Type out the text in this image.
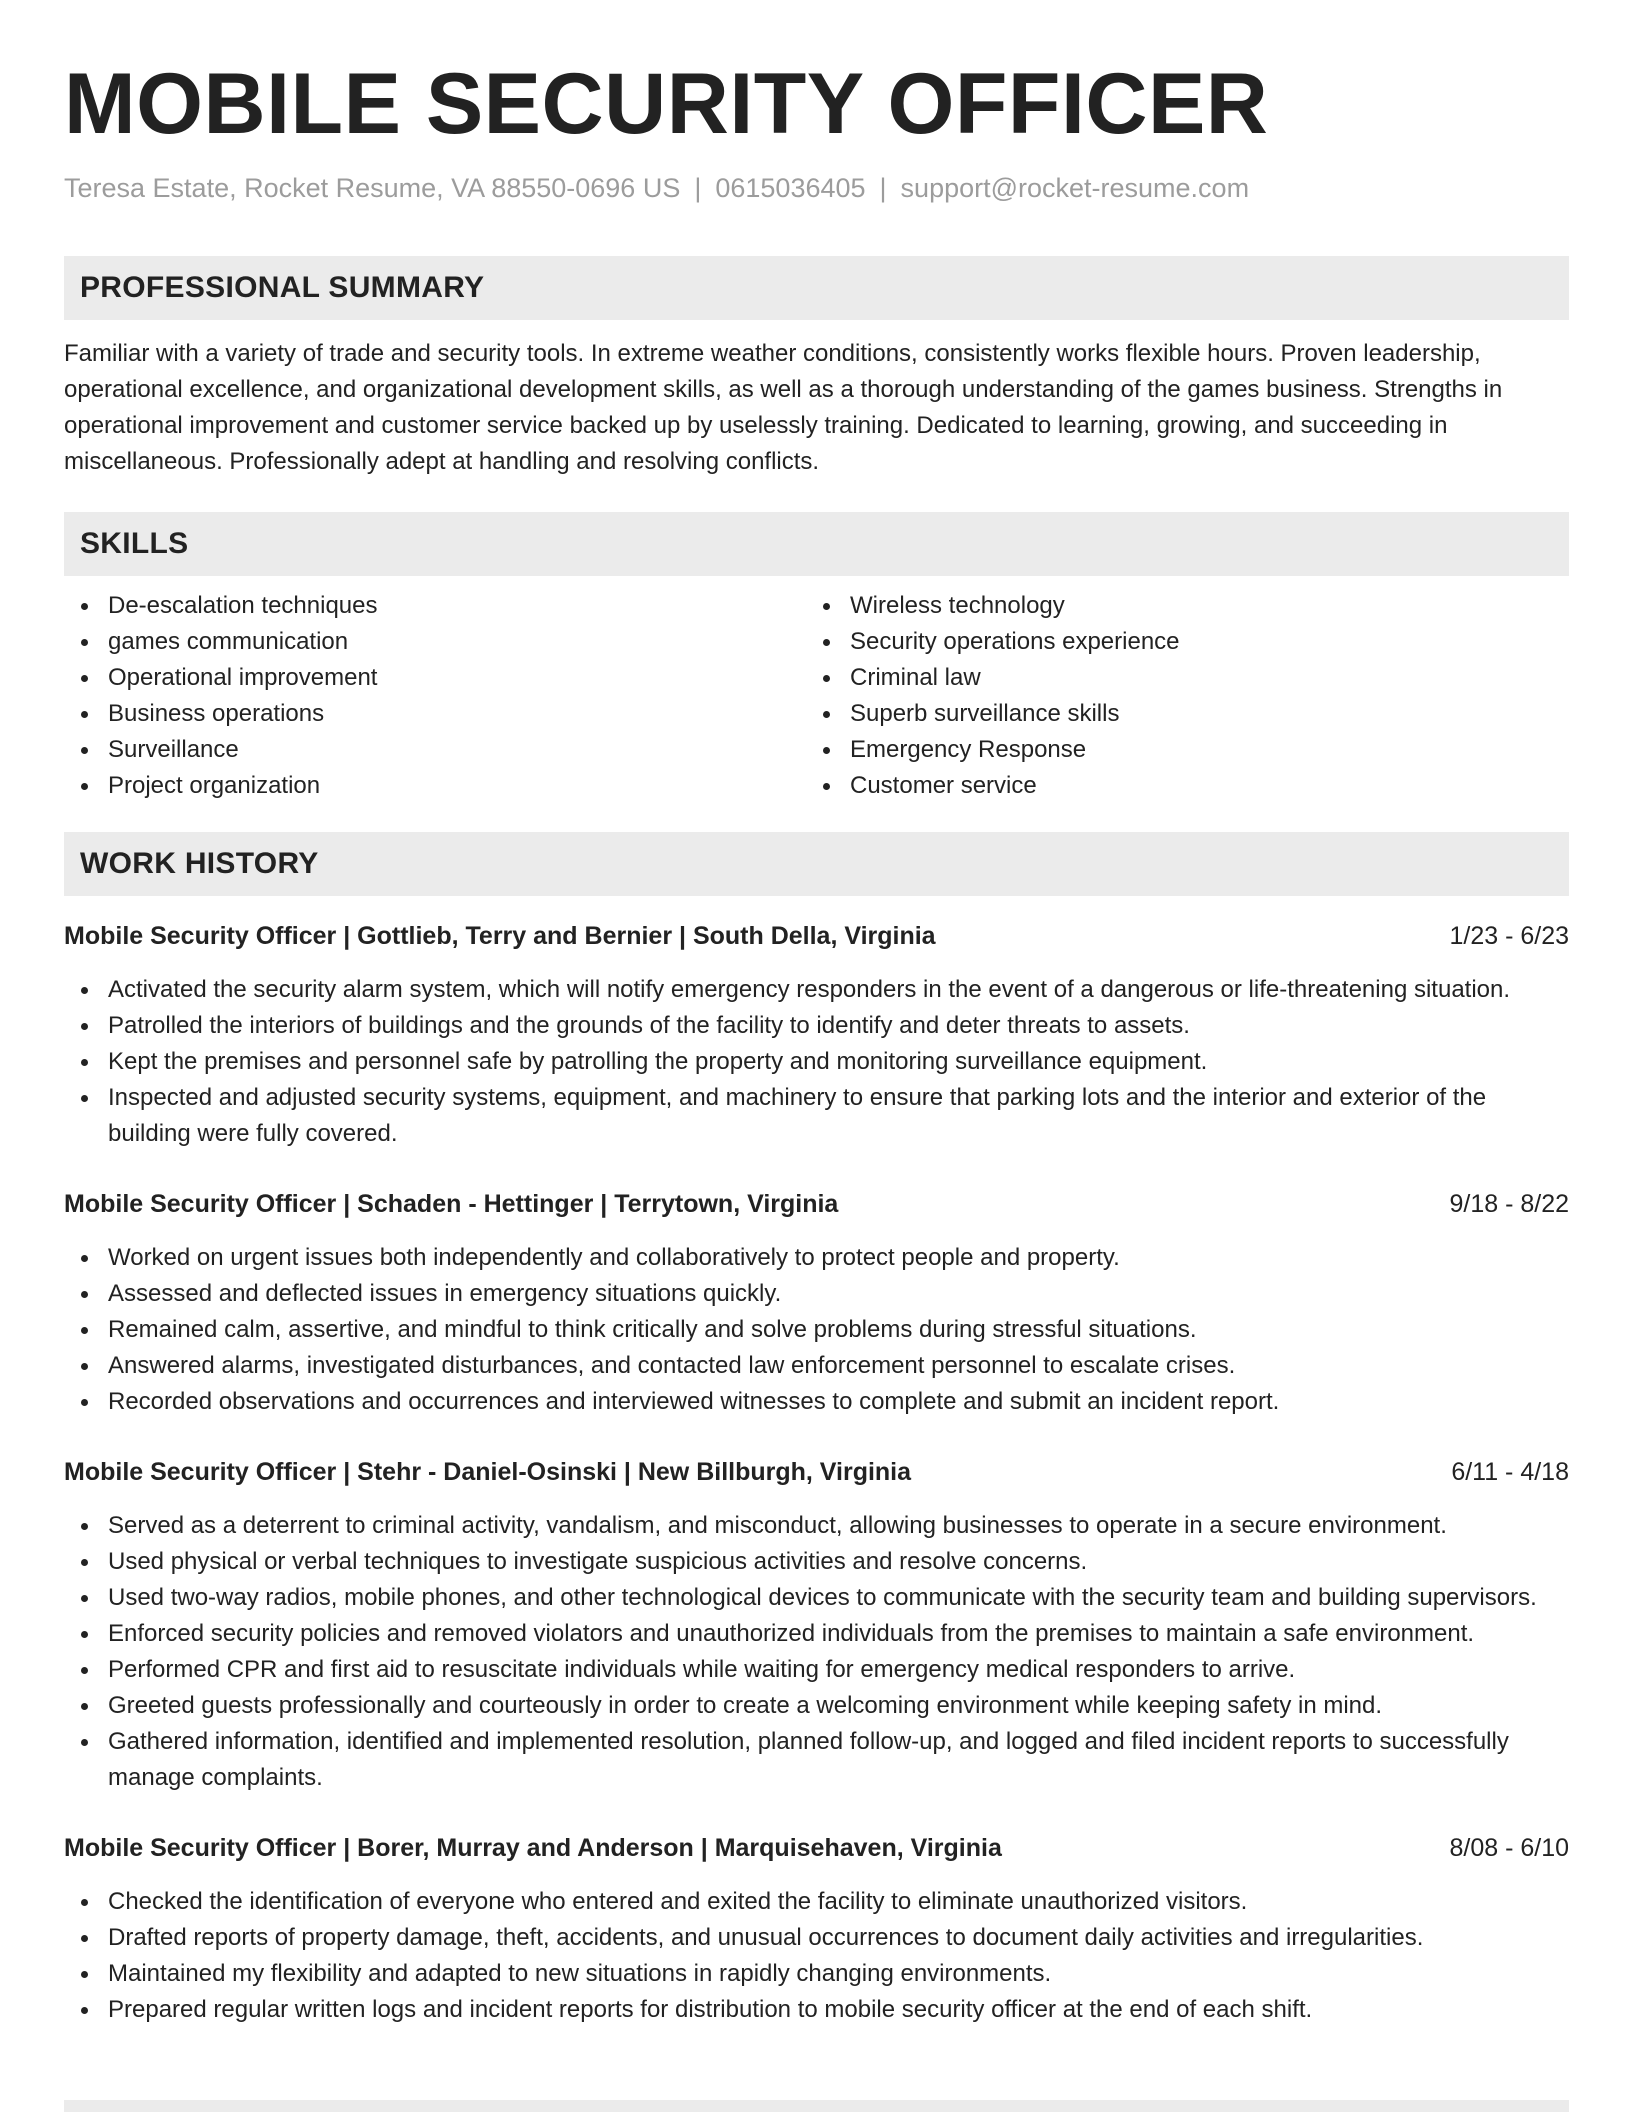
MOBILE SECURITY OFFICER
Teresa Estate, Rocket Resume, VA 88550-0696 US | 0615036405 | support@rocket-resume.com
PROFESSIONAL SUMMARY

Familiar with a variety of trade and security tools. In extreme weather conditions, consistently works flexible hours. Proven leadership, operational excellence, and organizational development skills, as well as a thorough understanding of the games business. Strengths in operational improvement and customer service backed up by uselessly training. Dedicated to learning, growing, and succeeding in miscellaneous. Professionally adept at handling and resolving conflicts.

SKILLS
De-escalation techniques
games communication
Operational improvement
Business operations
Surveillance
Project organization
Wireless technology
Security operations experience
Criminal law
Superb surveillance skills
Emergency Response
Customer service
WORK HISTORY
Mobile Security Officer | Gottlieb, Terry and Bernier | South Della, Virginia	1/23 - 6/23
Activated the security alarm system, which will notify emergency responders in the event of a dangerous or life-threatening situation.
Patrolled the interiors of buildings and the grounds of the facility to identify and deter threats to assets.
Kept the premises and personnel safe by patrolling the property and monitoring surveillance equipment.
Inspected and adjusted security systems, equipment, and machinery to ensure that parking lots and the interior and exterior of the building were fully covered.
Mobile Security Officer | Schaden - Hettinger | Terrytown, Virginia	9/18 - 8/22
Worked on urgent issues both independently and collaboratively to protect people and property.
Assessed and deflected issues in emergency situations quickly.
Remained calm, assertive, and mindful to think critically and solve problems during stressful situations.
Answered alarms, investigated disturbances, and contacted law enforcement personnel to escalate crises.
Recorded observations and occurrences and interviewed witnesses to complete and submit an incident report.
Mobile Security Officer | Stehr - Daniel-Osinski | New Billburgh, Virginia	6/11 - 4/18
Served as a deterrent to criminal activity, vandalism, and misconduct, allowing businesses to operate in a secure environment.
Used physical or verbal techniques to investigate suspicious activities and resolve concerns.
Used two-way radios, mobile phones, and other technological devices to communicate with the security team and building supervisors.
Enforced security policies and removed violators and unauthorized individuals from the premises to maintain a safe environment.
Performed CPR and first aid to resuscitate individuals while waiting for emergency medical responders to arrive.
Greeted guests professionally and courteously in order to create a welcoming environment while keeping safety in mind.
Gathered information, identified and implemented resolution, planned follow-up, and logged and filed incident reports to successfully manage complaints.
Mobile Security Officer | Borer, Murray and Anderson | Marquisehaven, Virginia	8/08 - 6/10
Checked the identification of everyone who entered and exited the facility to eliminate unauthorized visitors.
Drafted reports of property damage, theft, accidents, and unusual occurrences to document daily activities and irregularities.
Maintained my flexibility and adapted to new situations in rapidly changing environments.
Prepared regular written logs and incident reports for distribution to mobile security officer at the end of each shift.
